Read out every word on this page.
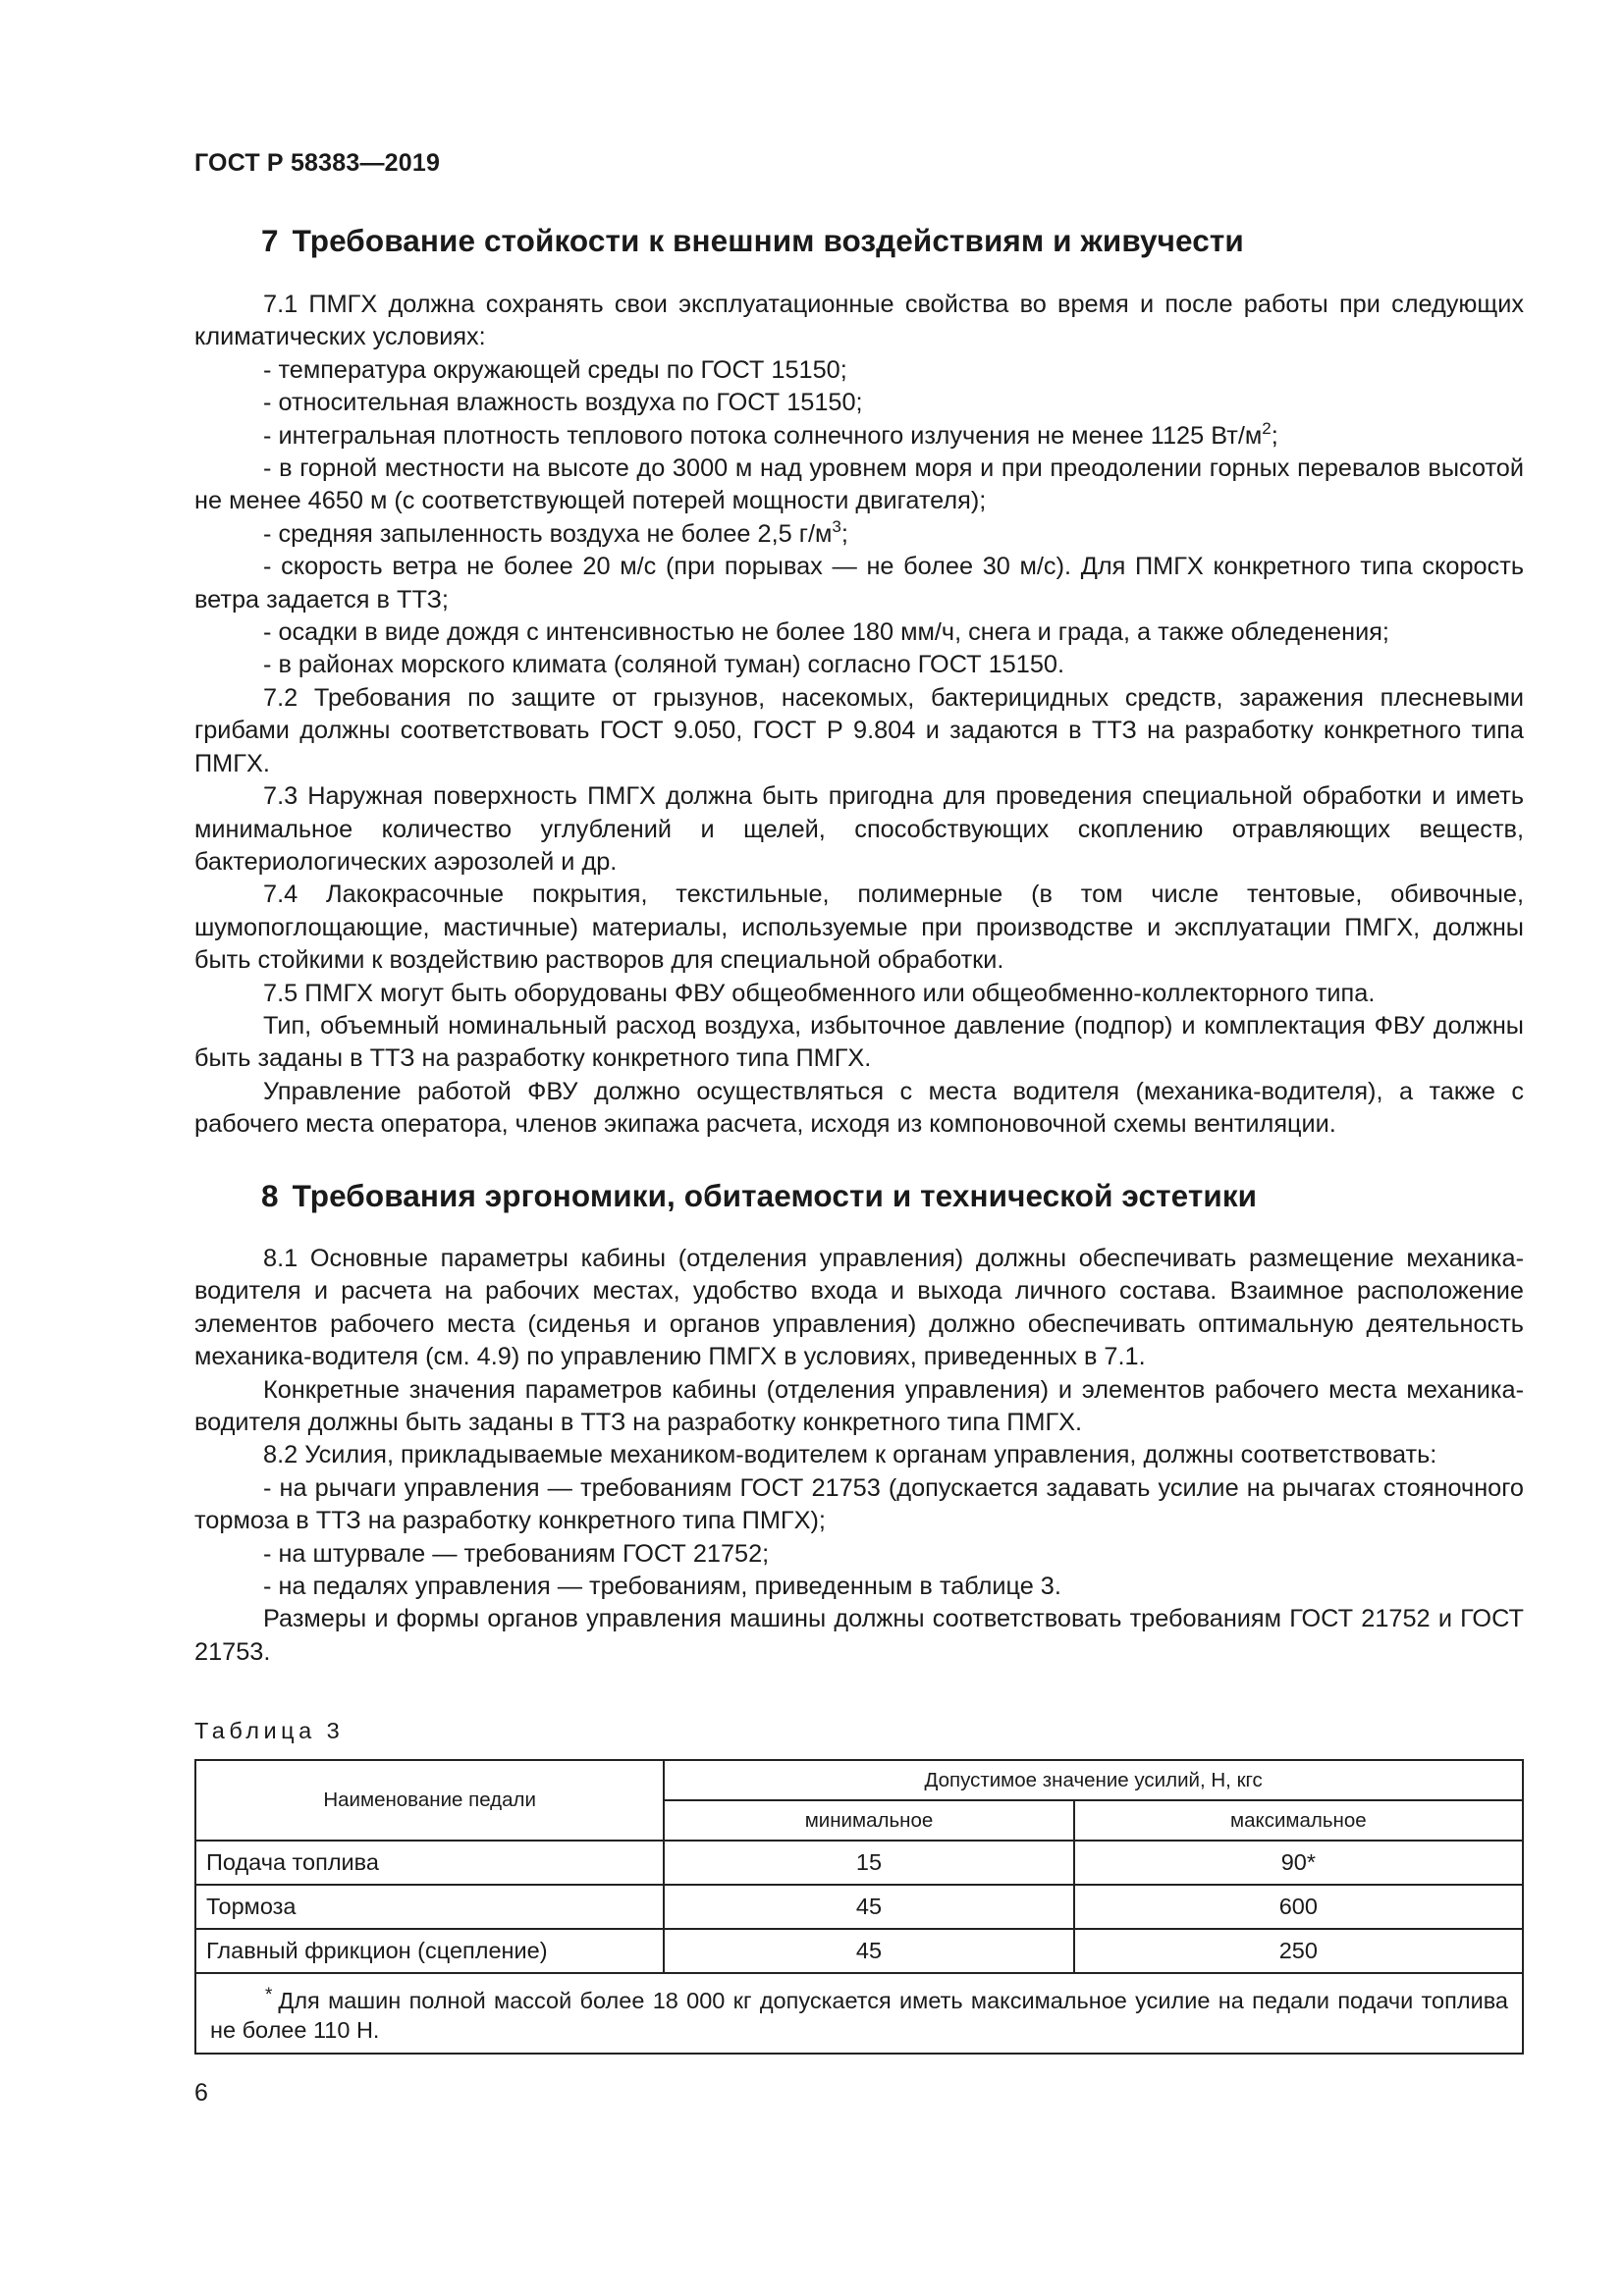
ГОСТ Р 58383—2019
7 Требование стойкости к внешним воздействиям и живучести

7.1 ПМГХ должна сохранять свои эксплуатационные свойства во время и после работы при следующих климатических условиях:

- температура окружающей среды по ГОСТ 15150;

- относительная влажность воздуха по ГОСТ 15150;

- интегральная плотность теплового потока солнечного излучения не менее 1125 $Вт/м^2$;

- в горной местности на высоте до 3000 м над уровнем моря и при преодолении горных перевалов высотой не менее 4650 м (с соответствующей потерей мощности двигателя);

- средняя запыленность воздуха не более 2,5 $г/м^3$;

- скорость ветра не более 20 м/с (при порывах — не более 30 м/с). Для ПМГХ конкретного типа скорость ветра задается в ТТЗ;

- осадки в виде дождя с интенсивностью не более 180 мм/ч, снега и града, а также обледенения;

- в районах морского климата (соляной туман) согласно ГОСТ 15150.

7.2 Требования по защите от грызунов, насекомых, бактерицидных средств, заражения плесневыми грибами должны соответствовать ГОСТ 9.050, ГОСТ Р 9.804 и задаются в ТТЗ на разработку конкретного типа ПМГХ.

7.3 Наружная поверхность ПМГХ должна быть пригодна для проведения специальной обработки и иметь минимальное количество углублений и щелей, способствующих скоплению отравляющих веществ, бактериологических аэрозолей и др.

7.4 Лакокрасочные покрытия, текстильные, полимерные (в том числе тентовые, обивочные, шумопоглощающие, мастичные) материалы, используемые при производстве и эксплуатации ПМГХ, должны быть стойкими к воздействию растворов для специальной обработки.

7.5 ПМГХ могут быть оборудованы ФВУ общеобменного или общеобменно-коллекторного типа.

Тип, объемный номинальный расход воздуха, избыточное давление (подпор) и комплектация ФВУ должны быть заданы в ТТЗ на разработку конкретного типа ПМГХ.

Управление работой ФВУ должно осуществляться с места водителя (механика-водителя), а также с рабочего места оператора, членов экипажа расчета, исходя из компоновочной схемы вентиляции.

8 Требования эргономики, обитаемости и технической эстетики

8.1 Основные параметры кабины (отделения управления) должны обеспечивать размещение механика-водителя и расчета на рабочих местах, удобство входа и выхода личного состава. Взаимное расположение элементов рабочего места (сиденья и органов управления) должно обеспечивать оптимальную деятельность механика-водителя (см. 4.9) по управлению ПМГХ в условиях, приведенных в 7.1.

Конкретные значения параметров кабины (отделения управления) и элементов рабочего места механика-водителя должны быть заданы в ТТЗ на разработку конкретного типа ПМГХ.

8.2 Усилия, прикладываемые механиком-водителем к органам управления, должны соответствовать:

- на рычаги управления — требованиям ГОСТ 21753 (допускается задавать усилие на рычагах стояночного тормоза в ТТЗ на разработку конкретного типа ПМГХ);

- на штурвале — требованиям ГОСТ 21752;

- на педалях управления — требованиям, приведенным в таблице 3.

Размеры и формы органов управления машины должны соответствовать требованиям ГОСТ 21752 и ГОСТ 21753.

Таблица 3
Наименование педали	Допустимое значение усилий, Н, кгс	
	минимальное	максимальное
Подача топлива	15	90*
Тормоза	45	600
Главный фрикцион (сцепление)	45	250
* Для машин полной массой более 18 000 кг допускается иметь максимальное усилие на педали подачи топлива не более 110 Н.		
6
